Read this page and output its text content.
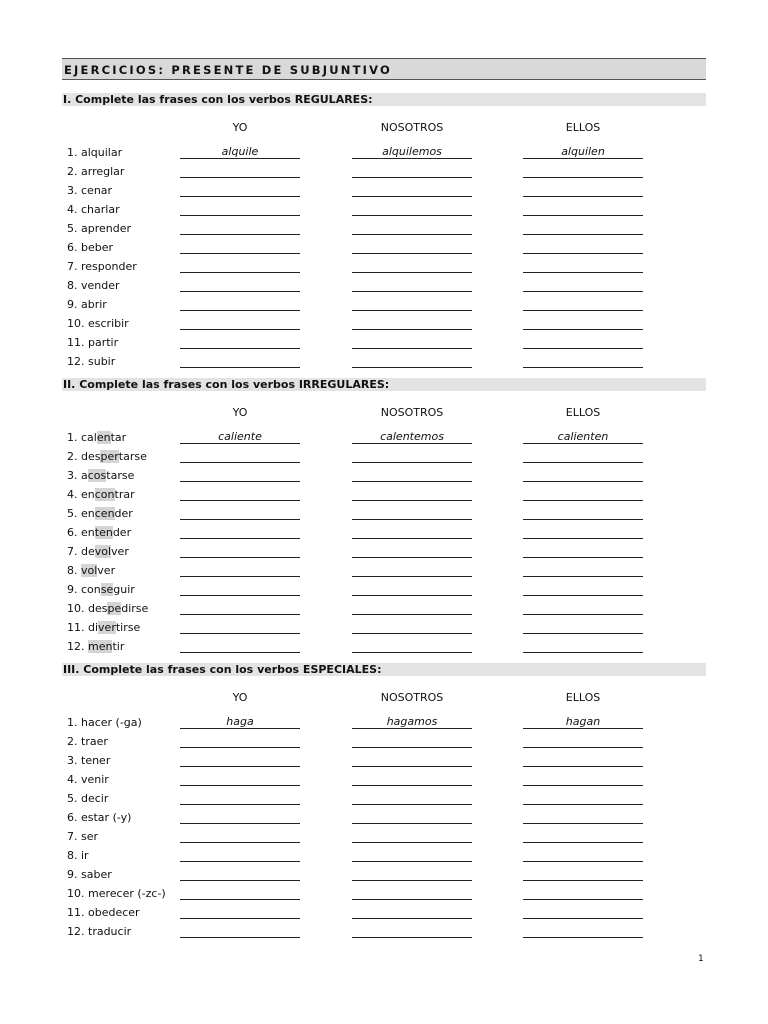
EJERCICIOS: PRESENTE DE SUBJUNTIVO
I. Complete las frases con los verbos REGULARES:
YO	NOSOTROS	ELLOS
1. alquilar	alquile	alquilemos	alquilen
2. arreglar
3. cenar
4. charlar
5. aprender
6. beber
7. responder
8. vender
9. abrir
10. escribir
11. partir
12. subir
II. Complete las frases con los verbos IRREGULARES:
YO	NOSOTROS	ELLOS
1. calentar	caliente	calentemos	calienten
2. despertarse
3. acostarse
4. encontrar
5. encender
6. entender
7. devolver
8. volver
9. conseguir
10. despedirse
11. divertirse
12. mentir
III. Complete las frases con los verbos ESPECIALES:
YO	NOSOTROS	ELLOS
1. hacer (-ga)	haga	hagamos	hagan
2. traer
3. tener
4. venir
5. decir
6. estar (-y)
7. ser
8. ir
9. saber
10. merecer (-zc-)
11. obedecer
12. traducir
1
